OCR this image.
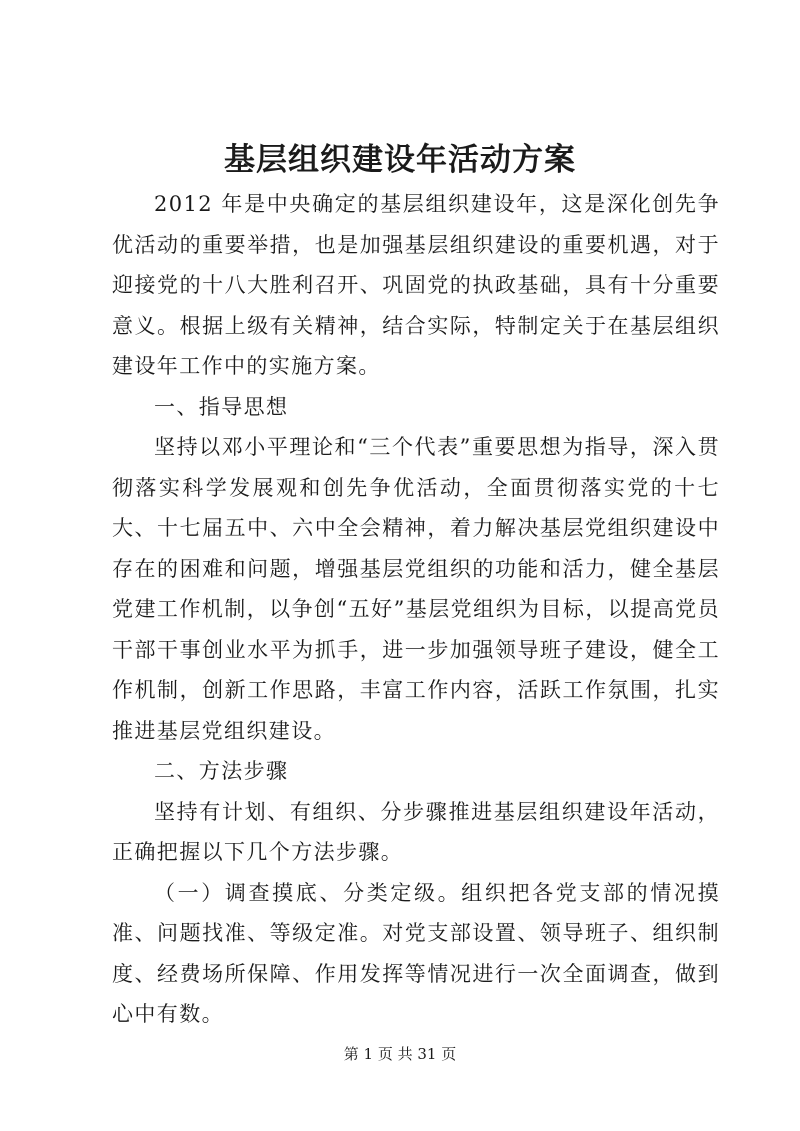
基层组织建设年活动方案

2012 年是中央确定的基层组织建设年，这是深化创先争优活动的重要举措，也是加强基层组织建设的重要机遇，对于迎接党的十八大胜利召开、巩固党的执政基础，具有十分重要意义。根据上级有关精神，结合实际，特制定关于在基层组织建设年工作中的实施方案。

一、指导思想

坚持以邓小平理论和“三个代表”重要思想为指导，深入贯彻落实科学发展观和创先争优活动，全面贯彻落实党的十七大、十七届五中、六中全会精神，着力解决基层党组织建设中存在的困难和问题，增强基层党组织的功能和活力，健全基层党建工作机制，以争创“五好”基层党组织为目标，以提高党员干部干事创业水平为抓手，进一步加强领导班子建设，健全工作机制，创新工作思路，丰富工作内容，活跃工作氛围，扎实推进基层党组织建设。

二、方法步骤

坚持有计划、有组织、分步骤推进基层组织建设年活动，正确把握以下几个方法步骤。

（一）调查摸底、分类定级。组织把各党支部的情况摸准、问题找准、等级定准。对党支部设置、领导班子、组织制度、经费场所保障、作用发挥等情况进行一次全面调查，做到心中有数。

第 1 页 共 31 页
